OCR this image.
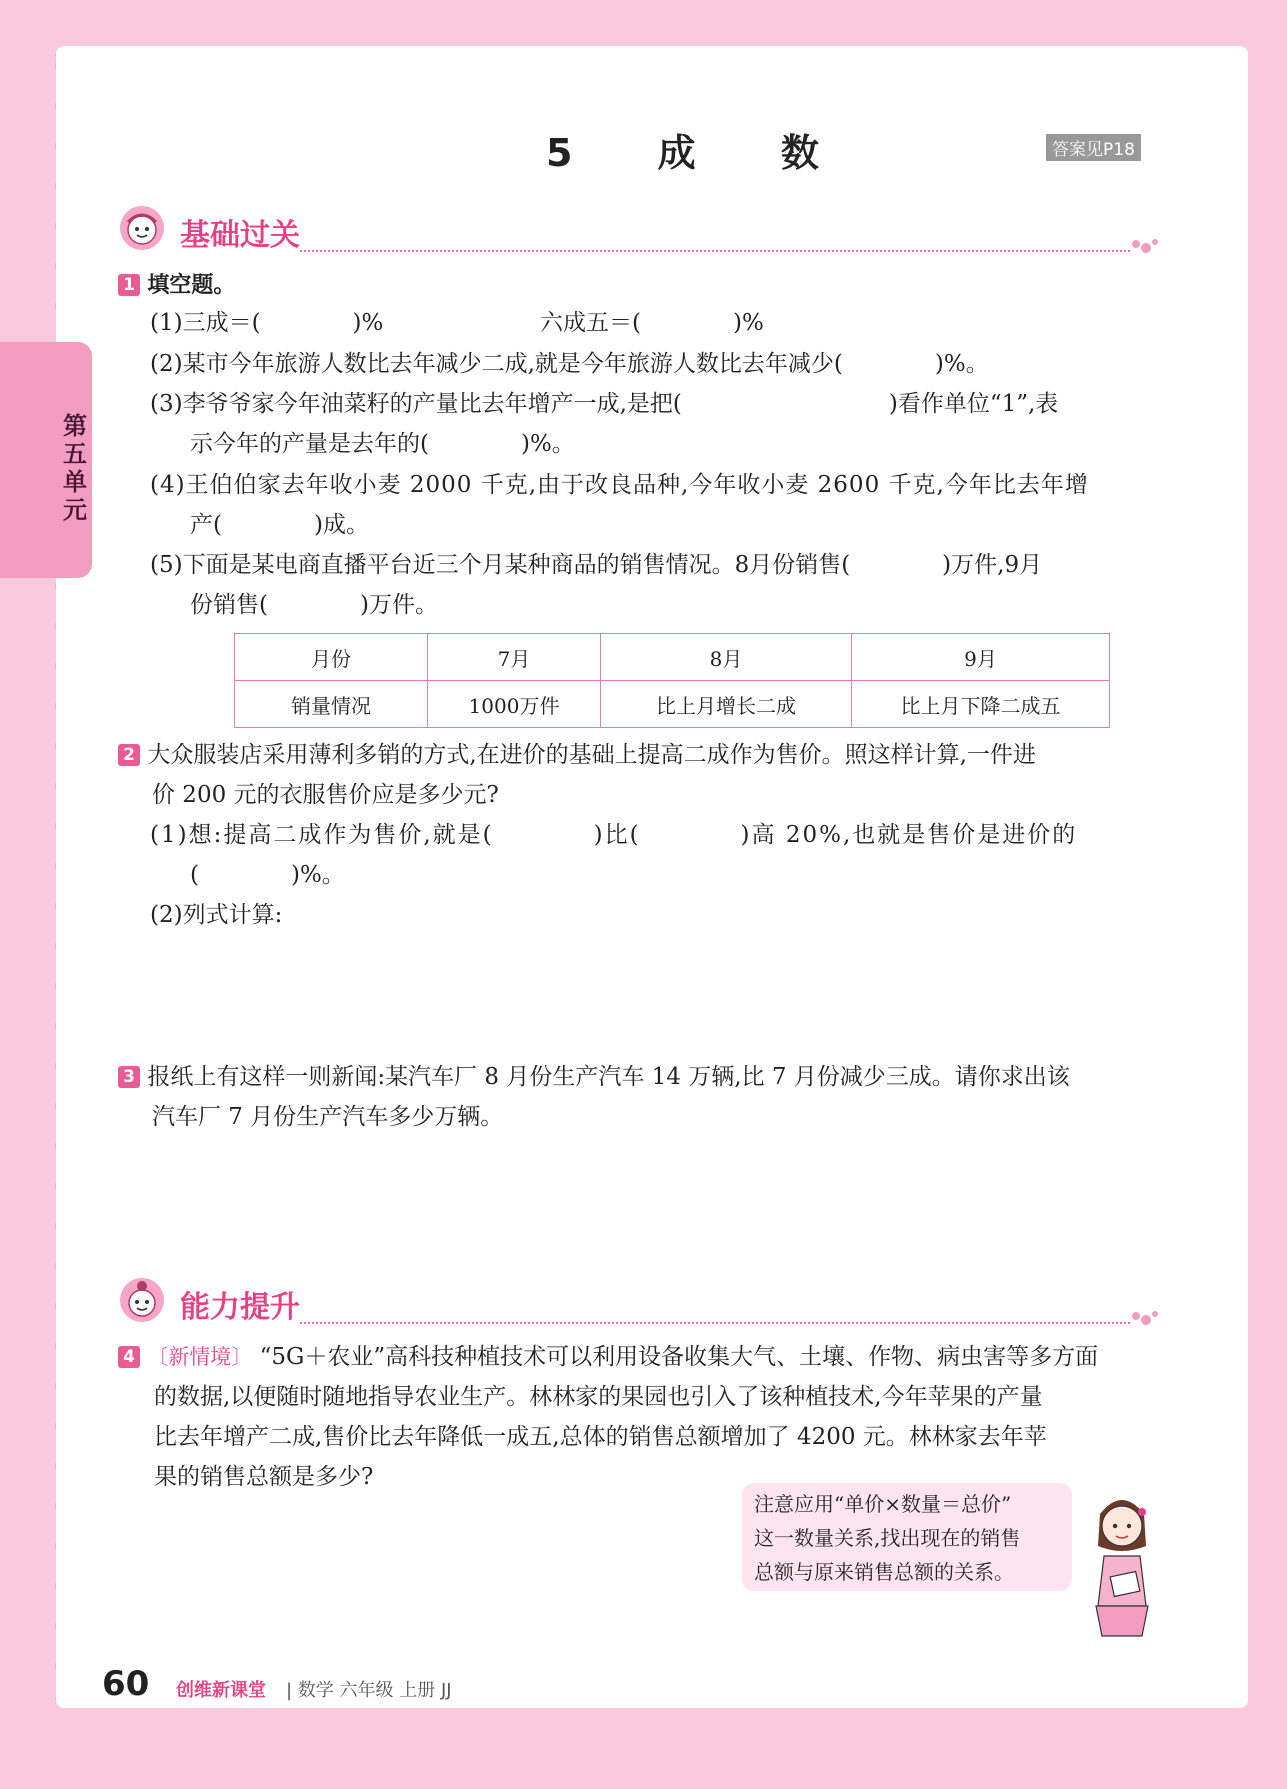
第五单元
5 成 数	答案见P18
基础过关
1 填空题。
(1)三成＝(　　　　)%	六成五＝(　　　　)%
(2)某市今年旅游人数比去年减少二成,就是今年旅游人数比去年减少(　　　　)%。
(3)李爷爷家今年油菜籽的产量比去年增产一成,是把(　　　　　　　　　)看作单位“1”,表
示今年的产量是去年的(　　　　)%。
(4)王伯伯家去年收小麦 2000 千克,由于改良品种,今年收小麦 2600 千克,今年比去年增
产(　　　　)成。
(5)下面是某电商直播平台近三个月某种商品的销售情况。8月份销售(　　　　)万件,9月
份销售(　　　　)万件。
月份	7月	8月	9月
销量情况	1000万件	比上月增长二成	比上月下降二成五
2 大众服装店采用薄利多销的方式,在进价的基础上提高二成作为售价。照这样计算,一件进
价 200 元的衣服售价应是多少元?
(1)想:提高二成作为售价,就是(　　　　)比(　　　　)高 20%,也就是售价是进价的
(　　　　)%。
(2)列式计算:
3 报纸上有这样一则新闻:某汽车厂 8 月份生产汽车 14 万辆,比 7 月份减少三成。请你求出该
汽车厂 7 月份生产汽车多少万辆。
能力提升
4 〔新情境〕 “5G＋农业”高科技种植技术可以利用设备收集大气、土壤、作物、病虫害等多方面
的数据,以便随时随地指导农业生产。林林家的果园也引入了该种植技术,今年苹果的产量
比去年增产二成,售价比去年降低一成五,总体的销售总额增加了 4200 元。林林家去年苹
果的销售总额是多少?
注意应用“单价×数量＝总价”
这一数量关系,找出现在的销售
总额与原来销售总额的关系。
60 创维新课堂 | 数学 六年级 上册 JJ
